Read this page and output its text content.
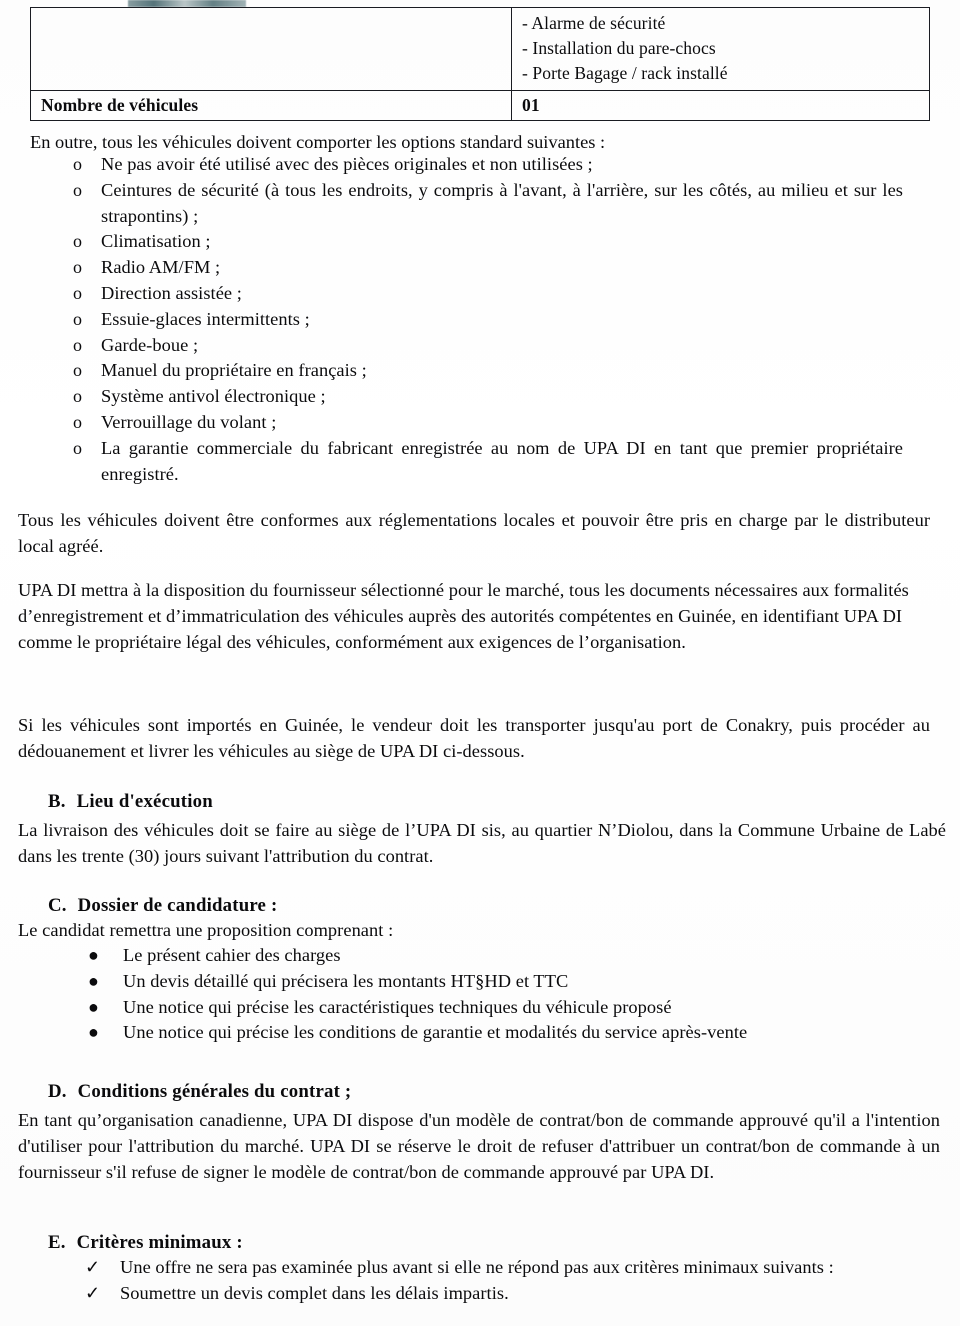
	- Alarme de sécurité
- Installation du pare-chocs
- Porte Bagage / rack installé

Nombre de véhicules	01
En outre, tous les véhicules doivent comporter les options standard suivantes :
o	Ne pas avoir été utilisé avec des pièces originales et non utilisées ;
o	Ceintures de sécurité (à tous les endroits, y compris à l'avant, à l'arrière, sur les côtés, au milieu et sur les strapontins) ;
o	Climatisation ;
o	Radio AM/FM ;
o	Direction assistée ;
o	Essuie-glaces intermittents ;
o	Garde-boue ;
o	Manuel du propriétaire en français ;
o	Système antivol électronique ;
o	Verrouillage du volant ;
o	La garantie commerciale du fabricant enregistrée au nom de UPA DI en tant que premier propriétaire enregistré.
Tous les véhicules doivent être conformes aux réglementations locales et pouvoir être pris en charge par le distributeur local agréé.
UPA DI mettra à la disposition du fournisseur sélectionné pour le marché, tous les documents nécessaires aux formalités d’enregistrement et d’immatriculation des véhicules auprès des autorités compétentes en Guinée, en identifiant UPA DI comme le propriétaire légal des véhicules, conformément aux exigences de l’organisation.
Si les véhicules sont importés en Guinée, le vendeur doit les transporter jusqu'au port de Conakry, puis procéder au dédouanement et livrer les véhicules au siège de UPA DI ci-dessous.
B. Lieu d'exécution
La livraison des véhicules doit se faire au siège de l’UPA DI sis, au quartier N’Diolou, dans la Commune Urbaine de Labé dans les trente (30) jours suivant l'attribution du contrat.
C. Dossier de candidature :
Le candidat remettra une proposition comprenant :
●	Le présent cahier des charges
●	Un devis détaillé qui précisera les montants HT§HD et TTC
●	Une notice qui précise les caractéristiques techniques du véhicule proposé
●	Une notice qui précise les conditions de garantie et modalités du service après-vente
D. Conditions générales du contrat ;
En tant qu’organisation canadienne, UPA DI dispose d'un modèle de contrat/bon de commande approuvé qu'il a l'intention d'utiliser pour l'attribution du marché. UPA DI se réserve le droit de refuser d'attribuer un contrat/bon de commande à un fournisseur s'il refuse de signer le modèle de contrat/bon de commande approuvé par UPA DI.
E. Critères minimaux :
✓	Une offre ne sera pas examinée plus avant si elle ne répond pas aux critères minimaux suivants :
✓	Soumettre un devis complet dans les délais impartis.
